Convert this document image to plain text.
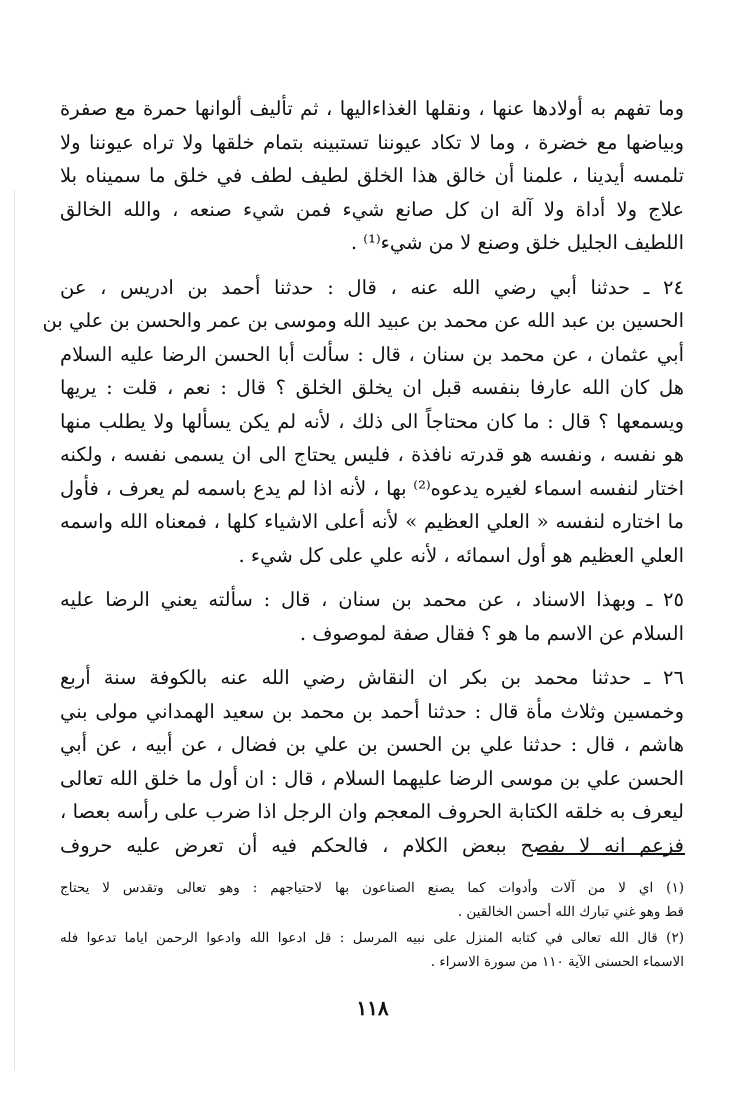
وما تفهم به أولادها عنها ، ونقلها الغذاءاليها ، ثم تأليف ألوانها حمرة مع صفرة
وبياضها مع خضرة ، وما لا تكاد عيوننا تستبينه بتمام خلقها ولا تراه عيوننا ولا
تلمسه أيدينا ، علمنا أن خالق هذا الخلق لطيف لطف في خلق ما سميناه بلا
علاج ولا أداة ولا آلة ان كل صانع شيء فمن شيء صنعه ، والله الخالق
اللطيف الجليل خلق وصنع لا من شيء⁽¹⁾ .

٢٤ ـ حدثنا أبي رضي الله عنه ، قال : حدثنا أحمد بن ادريس ، عن
الحسين بن عبد الله عن محمد بن عبيد الله وموسى بن عمر والحسن بن علي بن
أبي عثمان ، عن محمد بن سنان ، قال : سألت أبا الحسن الرضا عليه السلام
هل كان الله عارفا بنفسه قبل ان يخلق الخلق ؟ قال : نعم ، قلت : يريها
ويسمعها ؟ قال : ما كان محتاجاً الى ذلك ، لأنه لم يكن يسألها ولا يطلب منها
هو نفسه ، ونفسه هو قدرته نافذة ، فليس يحتاج الى ان يسمى نفسه ، ولكنه
اختار لنفسه اسماء لغيره يدعوه⁽²⁾ بها ، لأنه اذا لم يدع باسمه لم يعرف ، فأول
ما اختاره لنفسه « العلي العظيم » لأنه أعلى الاشياء كلها ، فمعناه الله واسمه
العلي العظيم هو أول اسمائه ، لأنه علي على كل شيء .

٢٥ ـ وبهذا الاسناد ، عن محمد بن سنان ، قال : سألته يعني الرضا عليه
السلام عن الاسم ما هو ؟ فقال صفة لموصوف .

٢٦ ـ حدثنا محمد بن بكر ان النقاش رضي الله عنه بالكوفة سنة أربع
وخمسين وثلاث مأة قال : حدثنا أحمد بن محمد بن سعيد الهمداني مولى بني
هاشم ، قال : حدثنا علي بن الحسن بن علي بن فضال ، عن أبيه ، عن أبي
الحسن علي بن موسى الرضا عليهما السلام ، قال : ان أول ما خلق الله تعالى
ليعرف به خلقه الكتابة الحروف المعجم وان الرجل اذا ضرب على رأسه بعصا ،
فزعم انه لا يفصح ببعض الكلام ، فالحكم فيه أن تعرض عليه حروف

(١) اي لا من آلات وأدوات كما يصنع الصناعون بها لاحتياجهم : وهو تعالى وتقدس لا يحتاج
قط وهو غني تبارك الله أحسن الخالقين .

(٢) قال الله تعالى في كتابه المنزل على نبيه المرسل : قل ادعوا الله وادعوا الرحمن اياما تدعوا فله
الاسماء الحسنى الآية ١١٠ من سورة الاسراء .

١١٨
